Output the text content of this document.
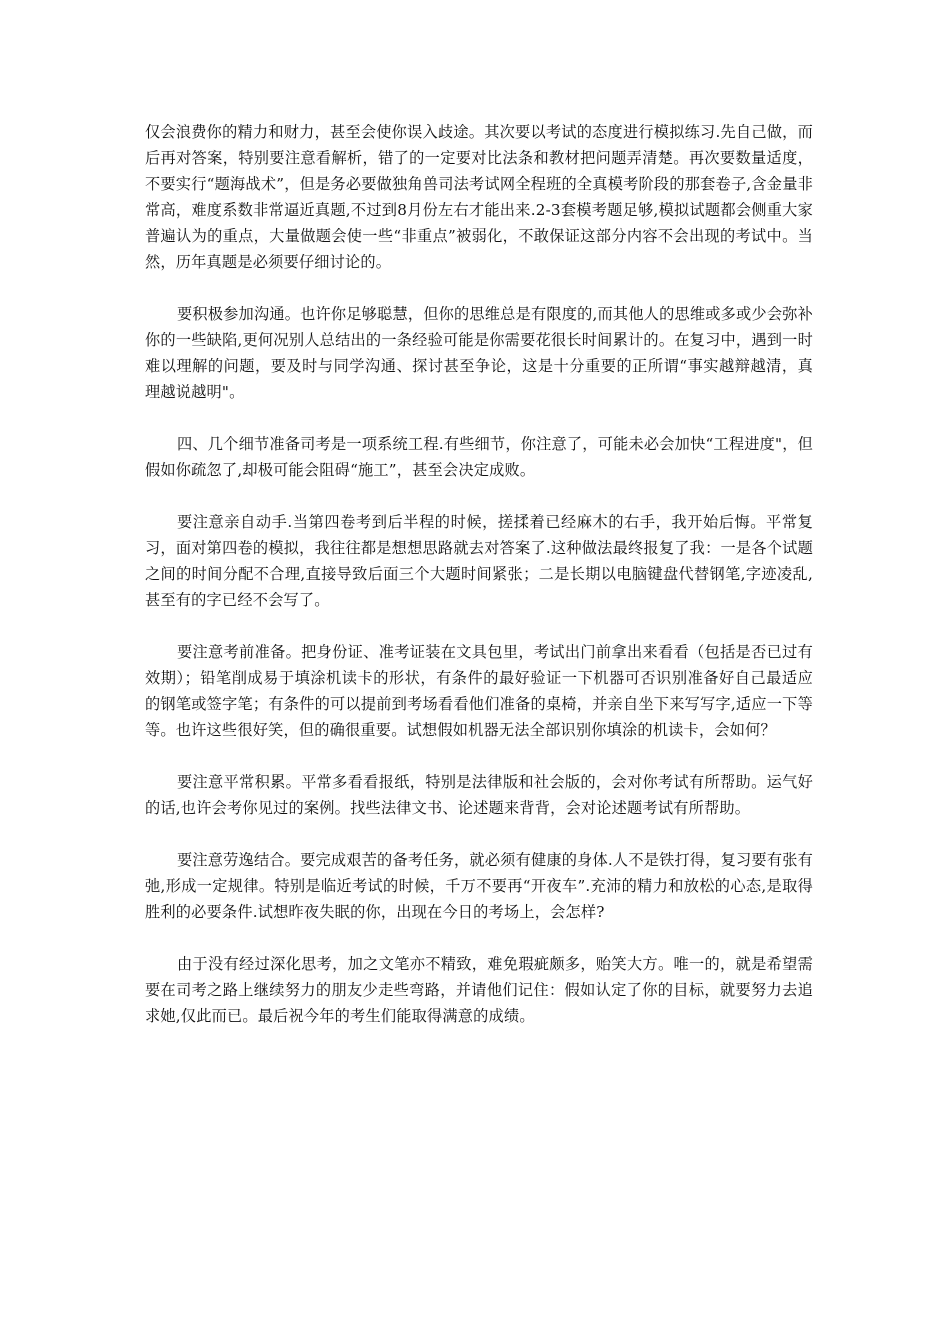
仅会浪费你的精力和财力，甚至会使你误入歧途。其次要以考试的态度进行模拟练习.先自己做，而后再对答案，特别要注意看解析，错了的一定要对比法条和教材把问题弄清楚。再次要数量适度，不要实行“题海战术”，但是务必要做独角兽司法考试网全程班的全真模考阶段的那套卷子,含金量非常高，难度系数非常逼近真题,不过到8月份左右才能出来.2-3套模考题足够,模拟试题都会侧重大家普遍认为的重点，大量做题会使一些“非重点”被弱化，不敢保证这部分内容不会出现的考试中。当然，历年真题是必须要仔细讨论的。

要积极参加沟通。也许你足够聪慧，但你的思维总是有限度的,而其他人的思维或多或少会弥补你的一些缺陷,更何况别人总结出的一条经验可能是你需要花很长时间累计的。在复习中，遇到一时难以理解的问题，要及时与同学沟通、探讨甚至争论，这是十分重要的正所谓“事实越辩越清，真理越说越明"。

四、几个细节准备司考是一项系统工程.有些细节，你注意了，可能未必会加快“工程进度"，但假如你疏忽了,却极可能会阻碍“施工”，甚至会决定成败。

要注意亲自动手.当第四卷考到后半程的时候，搓揉着已经麻木的右手，我开始后悔。平常复习，面对第四卷的模拟，我往往都是想想思路就去对答案了.这种做法最终报复了我：一是各个试题之间的时间分配不合理,直接导致后面三个大题时间紧张；二是长期以电脑键盘代替钢笔,字迹凌乱,甚至有的字已经不会写了。

要注意考前准备。把身份证、准考证装在文具包里，考试出门前拿出来看看（包括是否已过有效期）；铅笔削成易于填涂机读卡的形状，有条件的最好验证一下机器可否识别准备好自己最适应的钢笔或签字笔；有条件的可以提前到考场看看他们准备的桌椅，并亲自坐下来写写字,适应一下等等。也许这些很好笑，但的确很重要。试想假如机器无法全部识别你填涂的机读卡，会如何？

要注意平常积累。平常多看看报纸，特别是法律版和社会版的，会对你考试有所帮助。运气好的话,也许会考你见过的案例。找些法律文书、论述题来背背，会对论述题考试有所帮助。

要注意劳逸结合。要完成艰苦的备考任务，就必须有健康的身体.人不是铁打得，复习要有张有弛,形成一定规律。特别是临近考试的时候，千万不要再“开夜车”.充沛的精力和放松的心态,是取得胜利的必要条件.试想昨夜失眠的你，出现在今日的考场上，会怎样?

由于没有经过深化思考，加之文笔亦不精致，难免瑕疵颇多，贻笑大方。唯一的，就是希望需要在司考之路上继续努力的朋友少走些弯路，并请他们记住：假如认定了你的目标，就要努力去追求她,仅此而已。最后祝今年的考生们能取得满意的成绩。
